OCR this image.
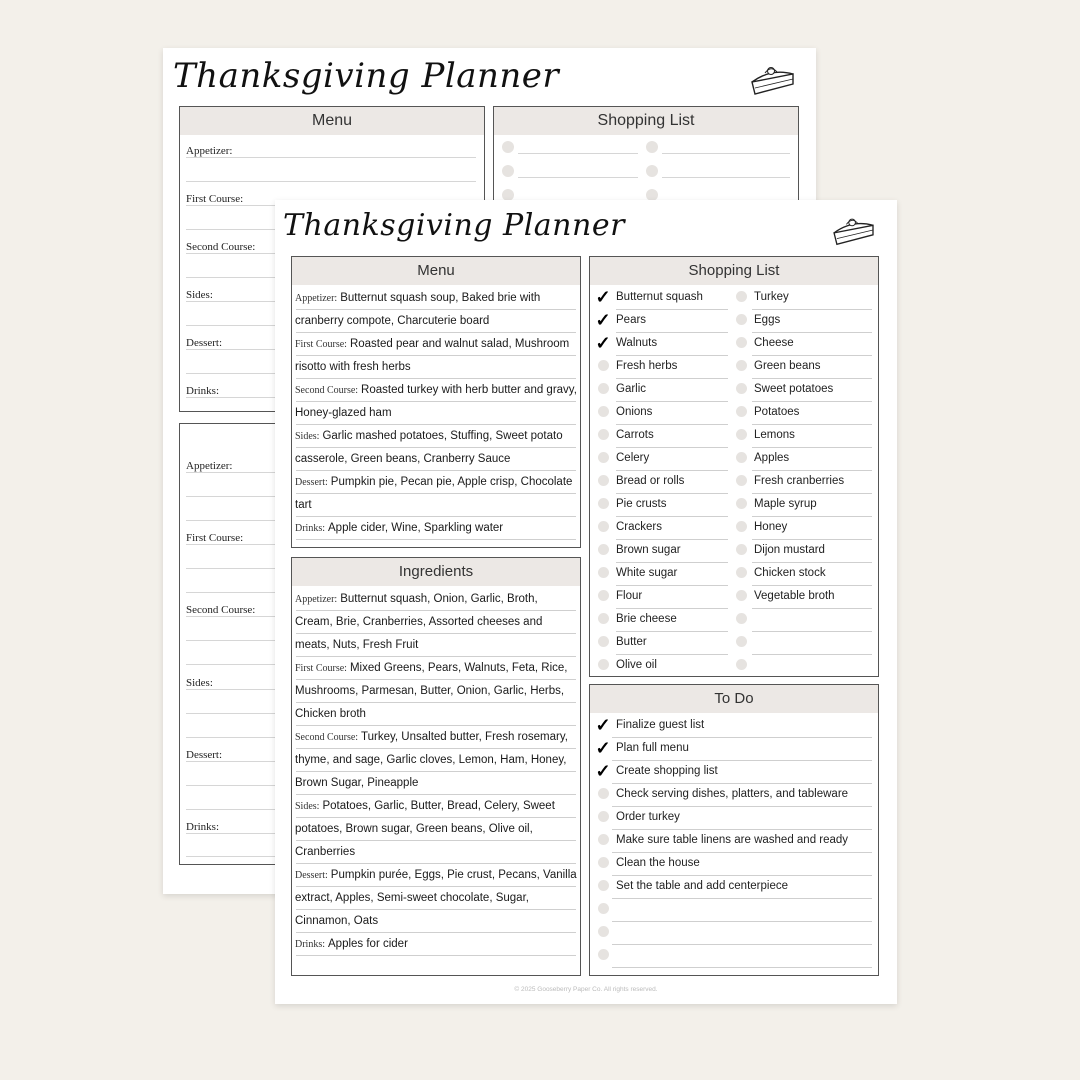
Thanksgiving Planner
Menu
Appetizer:
First Course:
Second Course:
Sides:
Dessert:
Drinks:
Shopping List
Appetizer:
First Course:
Second Course:
Sides:
Dessert:
Drinks:
Thanksgiving Planner
Menu
Appetizer: Butternut squash soup, Baked brie with cranberry compote, Charcuterie board
First Course: Roasted pear and walnut salad, Mushroom risotto with fresh herbs
Second Course: Roasted turkey with herb butter and gravy, Honey-glazed ham
Sides: Garlic mashed potatoes, Stuffing, Sweet potato casserole, Green beans, Cranberry Sauce
Dessert: Pumpkin pie, Pecan pie, Apple crisp, Chocolate tart
Drinks: Apple cider, Wine, Sparkling water
Ingredients
Appetizer: Butternut squash, Onion, Garlic, Broth, Cream, Brie, Cranberries, Assorted cheeses and meats, Nuts, Fresh Fruit
First Course: Mixed Greens, Pears, Walnuts, Feta, Rice, Mushrooms, Parmesan, Butter, Onion, Garlic, Herbs, Chicken broth
Second Course: Turkey, Unsalted butter, Fresh rosemary, thyme, and sage, Garlic cloves, Lemon, Ham, Honey, Brown Sugar, Pineapple
Sides: Potatoes, Garlic, Butter, Bread, Celery, Sweet potatoes, Brown sugar, Green beans, Olive oil, Cranberries
Dessert: Pumpkin purée, Eggs, Pie crust, Pecans, Vanilla extract, Apples, Semi-sweet chocolate, Sugar, Cinnamon, Oats
Drinks: Apples for cider
Shopping List
✓ Butternut squash
✓ Pears
✓ Walnuts
Fresh herbs
Garlic
Onions
Carrots
Celery
Bread or rolls
Pie crusts
Crackers
Brown sugar
White sugar
Flour
Brie cheese
Butter
Olive oil
Turkey
Eggs
Cheese
Green beans
Sweet potatoes
Potatoes
Lemons
Apples
Fresh cranberries
Maple syrup
Honey
Dijon mustard
Chicken stock
Vegetable broth
To Do
✓ Finalize guest list
✓ Plan full menu
✓ Create shopping list
Check serving dishes, platters, and tableware
Order turkey
Make sure table linens are washed and ready
Clean the house
Set the table and add centerpiece
© 2025 Gooseberry Paper Co. All rights reserved.
